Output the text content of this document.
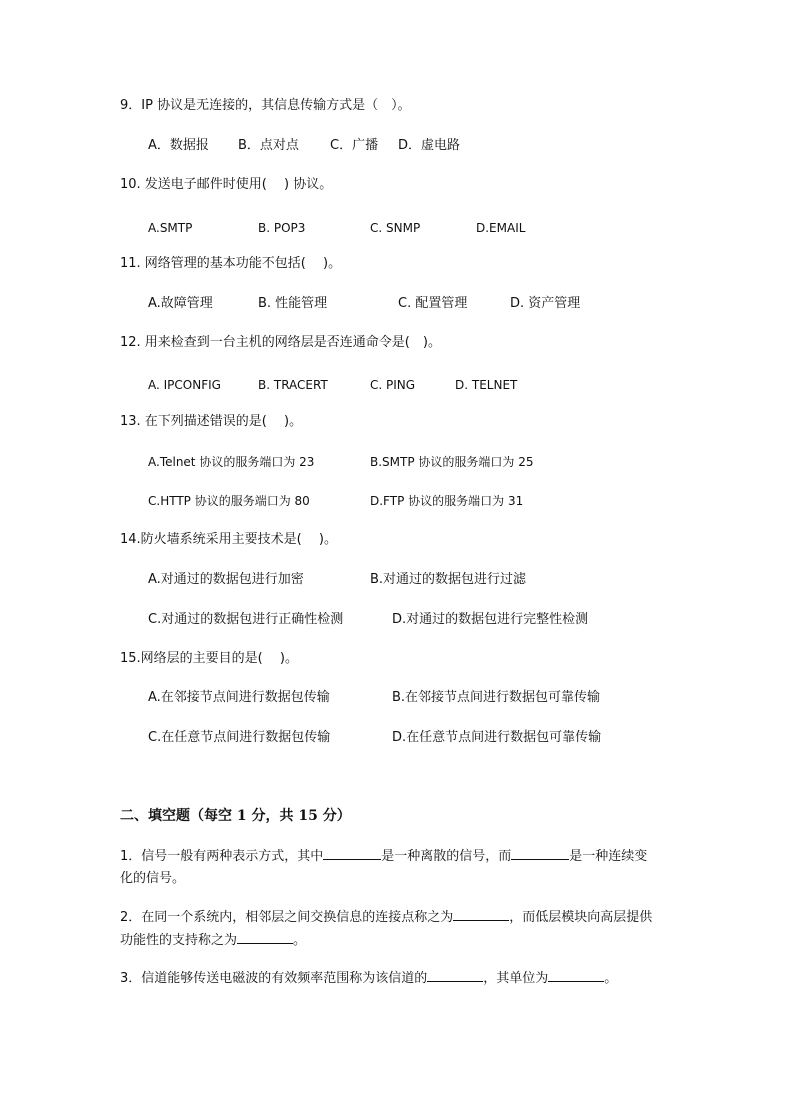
9．IP 协议是无连接的，其信息传输方式是（　）。
A．数据报 B．点对点 C．广播 D．虚电路
10. 发送电子邮件时使用(　 ) 协议。
A.SMTP	B. POP3	C. SNMP	D.EMAIL
11. 网络管理的基本功能不包括(　 )。
A.故障管理	B. 性能管理	C. 配置管理	D. 资产管理
12. 用来检查到一台主机的网络层是否连通命令是(　)。
A. IPCONFIG	B. TRACERT	C. PING	D. TELNET
13. 在下列描述错误的是(　 )。
A.Telnet 协议的服务端口为 23	B.SMTP 协议的服务端口为 25
C.HTTP 协议的服务端口为 80	D.FTP 协议的服务端口为 31
14.防火墙系统采用主要技术是(　 )。
A.对通过的数据包进行加密	B.对通过的数据包进行过滤
C.对通过的数据包进行正确性检测	D.对通过的数据包进行完整性检测
15.网络层的主要目的是(　 )。
A.在邻接节点间进行数据包传输	B.在邻接节点间进行数据包可靠传输
C.在任意节点间进行数据包传输	D.在任意节点间进行数据包可靠传输
二、填空题（每空 1 分，共 15 分）
1．信号一般有两种表示方式，其中	是一种离散的信号，而	是一种连续变化的信号。
2．在同一个系统内，相邻层之间交换信息的连接点称之为	，而低层模块向高层提供功能性的支持称之为	。
3．信道能够传送电磁波的有效频率范围称为该信道的	，其单位为	。
